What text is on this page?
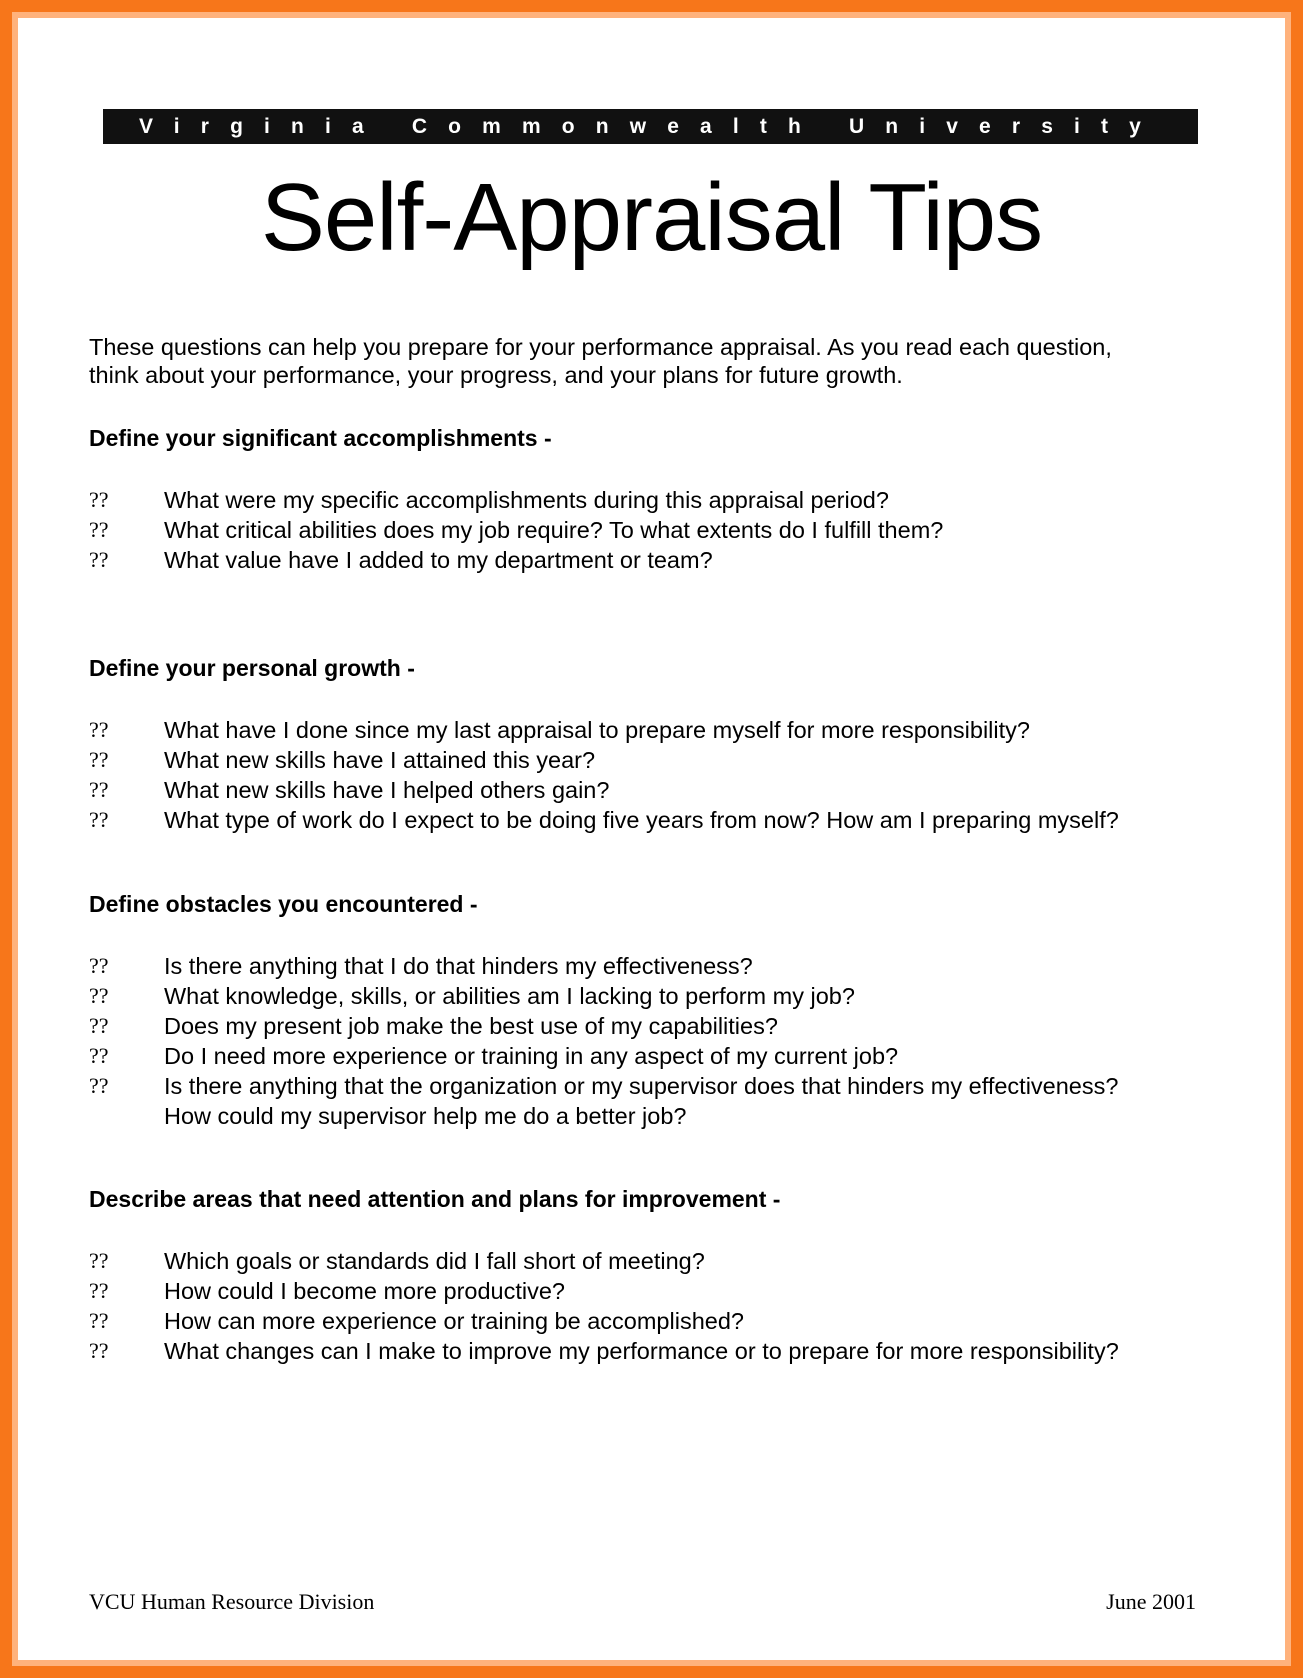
Virginia Commonwealth University
Self-Appraisal Tips
These questions can help you prepare for your performance appraisal. As you read each question,
think about your performance, your progress, and your plans for future growth.
Define your significant accomplishments -
??	What were my specific accomplishments during this appraisal period?
??	What critical abilities does my job require? To what extents do I fulfill them?
??	What value have I added to my department or team?
Define your personal growth -
??	What have I done since my last appraisal to prepare myself for more responsibility?
??	What new skills have I attained this year?
??	What new skills have I helped others gain?
??	What type of work do I expect to be doing five years from now? How am I preparing myself?
Define obstacles you encountered -
??	Is there anything that I do that hinders my effectiveness?
??	What knowledge, skills, or abilities am I lacking to perform my job?
??	Does my present job make the best use of my capabilities?
??	Do I need more experience or training in any aspect of my current job?
??	Is there anything that the organization or my supervisor does that hinders my effectiveness?
How could my supervisor help me do a better job?
Describe areas that need attention and plans for improvement -
??	Which goals or standards did I fall short of meeting?
??	How could I become more productive?
??	How can more experience or training be accomplished?
??	What changes can I make to improve my performance or to prepare for more responsibility?
VCU Human Resource Division	June 2001
